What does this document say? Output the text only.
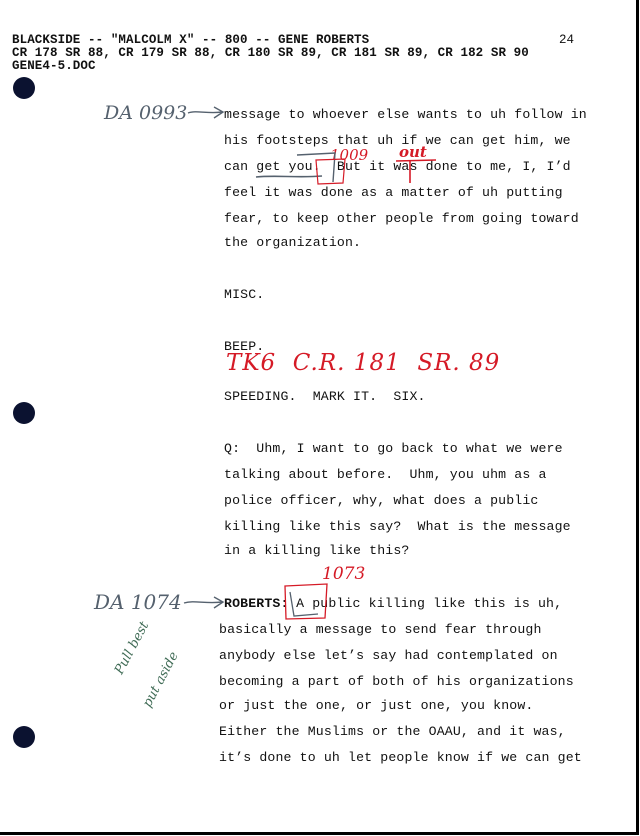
BLACKSIDE -- "MALCOLM X" -- 800 -- GENE ROBERTS
CR 178 SR 88, CR 179 SR 88, CR 180 SR 89, CR 181 SR 89, CR 182 SR 90
GENE4-5.DOC
24
message to whoever else wants to uh follow in
his footsteps that uh if we can get him, we
can get you.  But it was done to me, I, I’d
feel it was done as a matter of uh putting
fear, to keep other people from going toward
the organization.
MISC.
BEEP.
SPEEDING.  MARK IT.  SIX.
Q:  Uhm, I want to go back to what we were
talking about before.  Uhm, you uhm as a
police officer, why, what does a public
killing like this say?  What is the message
in a killing like this?
ROBERTS: A public killing like this is uh,
basically a message to send fear through
anybody else let’s say had contemplated on
becoming a part of both of his organizations
or just the one, or just one, you know.
Either the Muslims or the OAAU, and it was,
it’s done to uh let people know if we can get
DA 0993
DA 1074
1009 out
1073
TK6  C.R. 181  SR. 89
Pull best
put aside
